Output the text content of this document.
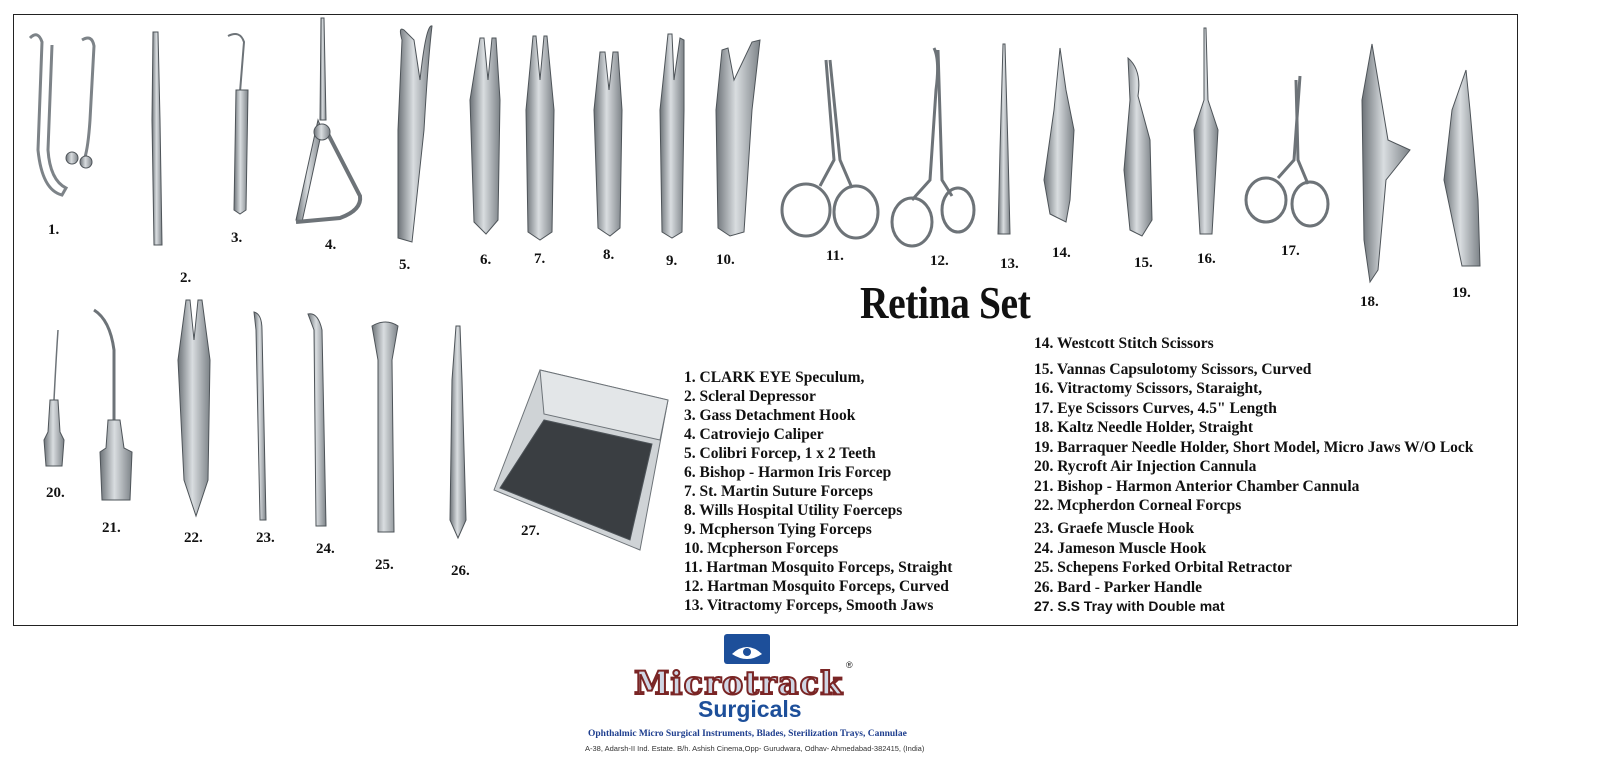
1.
2.
3.	4.
5.	6.	7.	8.	9.	10.	11.	12.	13.
14.
15.	16.	17.
18.
19.
20.
21.
22.	23.
24.
25.	26.
27.
Retina Set
1. CLARK EYE Speculum,
2. Scleral Depressor
3. Gass Detachment Hook
4. Catroviejo Caliper
5. Colibri Forcep, 1 x 2 Teeth
6. Bishop - Harmon Iris Forcep
7. St. Martin Suture Forceps
8. Wills Hospital Utility Foerceps
9. Mcpherson Tying Forceps
10. Mcpherson Forceps
11. Hartman Mosquito Forceps, Straight
12. Hartman Mosquito Forceps, Curved
13. Vitractomy Forceps, Smooth Jaws
14. Westcott Stitch Scissors
15. Vannas Capsulotomy Scissors, Curved
16. Vitractomy Scissors, Staraight,
17. Eye Scissors Curves, 4.5" Length
18. Kaltz Needle Holder, Straight
19. Barraquer Needle Holder, Short Model, Micro Jaws W/O Lock
20. Rycroft Air Injection Cannula
21. Bishop - Harmon Anterior Chamber Cannula
22. Mcpherdon Corneal Forcps
23. Graefe Muscle Hook
24. Jameson Muscle Hook
25. Schepens Forked Orbital Retractor
26. Bard - Parker Handle
27. S.S Tray with Double mat
Microtrack ®
Surgicals
Ophthalmic Micro Surgical Instruments, Blades, Sterilization Trays, Cannulae
A-38, Adarsh-II Ind. Estate. B/h. Ashish Cinema,Opp- Gurudwara, Odhav- Ahmedabad-382415, (India)
